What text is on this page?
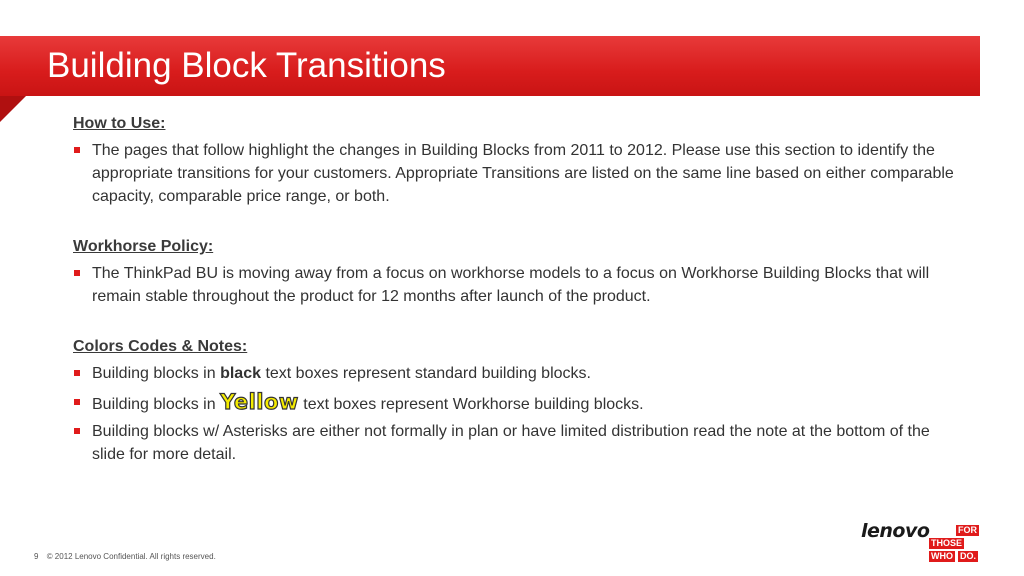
Building Block Transitions
How to Use:
The pages that follow highlight the changes in Building Blocks from 2011 to 2012. Please use this section to identify the appropriate transitions for your customers. Appropriate Transitions are listed on the same line based on either comparable capacity, comparable price range, or both.
Workhorse Policy:
The ThinkPad BU is moving away from a focus on workhorse models to a focus on Workhorse Building Blocks that will remain stable throughout the product for 12 months after launch of the product.
Colors Codes & Notes:
Building blocks in black text boxes represent standard building blocks.
Building blocks in Yellow text boxes represent Workhorse building blocks.
Building blocks w/ Asterisks are either not formally in plan or have limited distribution read the note at the bottom of the slide for more detail.
9 © 2012 Lenovo Confidential. All rights reserved.
lenovo	FOR
THOSE
WHO DO.
